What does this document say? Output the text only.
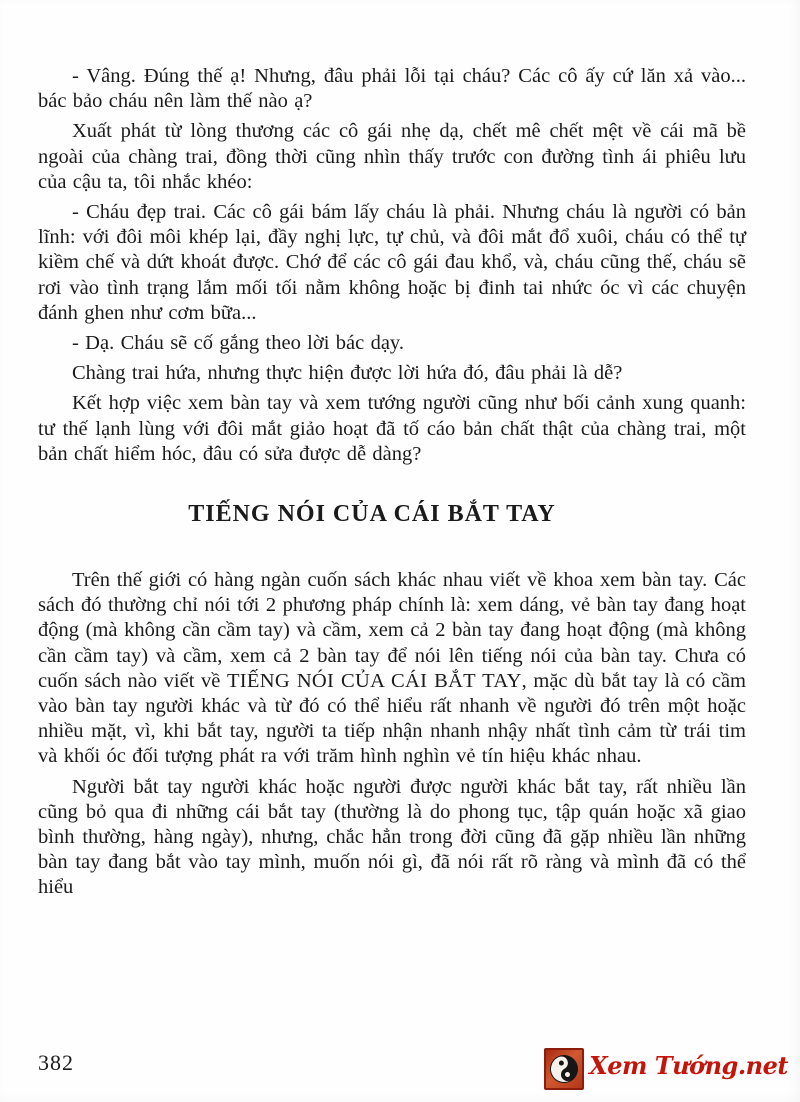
- Vâng. Đúng thế ạ! Nhưng, đâu phải lỗi tại cháu? Các cô ấy cứ lăn xả vào... bác bảo cháu nên làm thế nào ạ?

Xuất phát từ lòng thương các cô gái nhẹ dạ, chết mê chết mệt về cái mã bề ngoài của chàng trai, đồng thời cũng nhìn thấy trước con đường tình ái phiêu lưu của cậu ta, tôi nhắc khéo:

- Cháu đẹp trai. Các cô gái bám lấy cháu là phải. Nhưng cháu là người có bản lĩnh: với đôi môi khép lại, đầy nghị lực, tự chủ, và đôi mắt đổ xuôi, cháu có thể tự kiềm chế và dứt khoát được. Chớ để các cô gái đau khổ, và, cháu cũng thế, cháu sẽ rơi vào tình trạng lắm mối tối nằm không hoặc bị đinh tai nhức óc vì các chuyện đánh ghen như cơm bữa...

- Dạ. Cháu sẽ cố gắng theo lời bác dạy.

Chàng trai hứa, nhưng thực hiện được lời hứa đó, đâu phải là dễ?

Kết hợp việc xem bàn tay và xem tướng người cũng như bối cảnh xung quanh: tư thế lạnh lùng với đôi mắt giảo hoạt đã tố cáo bản chất thật của chàng trai, một bản chất hiểm hóc, đâu có sửa được dễ dàng?

TIẾNG NÓI CỦA CÁI BẮT TAY

Trên thế giới có hàng ngàn cuốn sách khác nhau viết về khoa xem bàn tay. Các sách đó thường chỉ nói tới 2 phương pháp chính là: xem dáng, vẻ bàn tay đang hoạt động (mà không cần cầm tay) và cầm, xem cả 2 bàn tay đang hoạt động (mà không cần cầm tay) và cầm, xem cả 2 bàn tay để nói lên tiếng nói của bàn tay. Chưa có cuốn sách nào viết về TIẾNG NÓI CỦA CÁI BẮT TAY, mặc dù bắt tay là có cầm vào bàn tay người khác và từ đó có thể hiểu rất nhanh về người đó trên một hoặc nhiều mặt, vì, khi bắt tay, người ta tiếp nhận nhanh nhậy nhất tình cảm từ trái tim và khối óc đối tượng phát ra với trăm hình nghìn vẻ tín hiệu khác nhau.

Người bắt tay người khác hoặc người được người khác bắt tay, rất nhiều lần cũng bỏ qua đi những cái bắt tay (thường là do phong tục, tập quán hoặc xã giao bình thường, hàng ngày), nhưng, chắc hẳn trong đời cũng đã gặp nhiều lần những bàn tay đang bắt vào tay mình, muốn nói gì, đã nói rất rõ ràng và mình đã có thể hiểu

382	Xem Tướng.net
